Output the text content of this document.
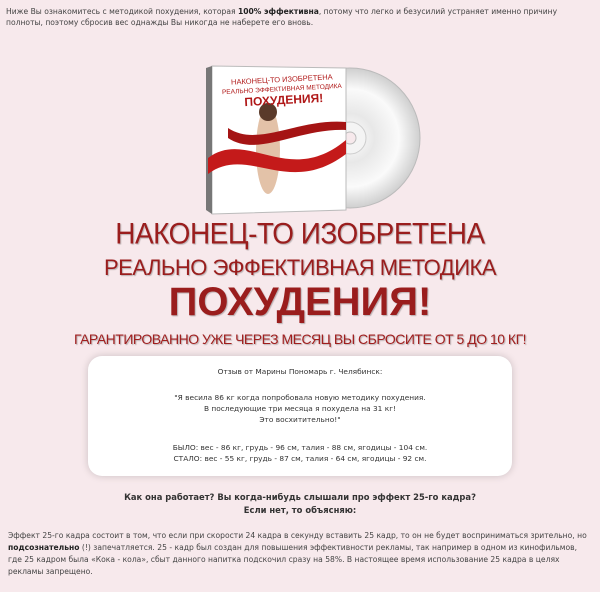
Ниже Вы ознакомитесь с методикой похудения, которая 100% эффективна, потому что легко и безусилий устраняет именно причину полноты, поэтому сбросив вес однажды Вы никогда не наберете его вновь.
НАКОНЕЦ-ТО ИЗОБРЕТЕНА
РЕАЛЬНО ЭФФЕКТИВНАЯ МЕТОДИКА
ПОХУДЕНИЯ!
НАКОНЕЦ-ТО ИЗОБРЕТЕНА
РЕАЛЬНО ЭФФЕКТИВНАЯ МЕТОДИКА
ПОХУДЕНИЯ!
ГАРАНТИРОВАННО УЖЕ ЧЕРЕЗ МЕСЯЦ ВЫ СБРОСИТЕ ОТ 5 ДО 10 КГ!
Отзыв от Марины Пономарь г. Челябинск:
"Я весила 86 кг когда попробовала новую методику похудения.
В последующие три месяца я похудела на 31 кг!
Это восхитительно!"
БЫЛО: вес - 86 кг, грудь - 96 см, талия - 88 см, ягодицы - 104 см.
СТАЛО: вес - 55 кг, грудь - 87 см, талия - 64 см, ягодицы - 92 см.
Как она работает? Вы когда-нибудь слышали про эффект 25-го кадра?
Если нет, то объясняю:
Эффект 25-го кадра состоит в том, что если при скорости 24 кадра в секунду вставить 25 кадр, то он не будет восприниматься зрительно, но подсознательно (!) запечатляется. 25 - кадр был создан для повышения эффективности рекламы, так например в одном из кинофильмов, где 25 кадром была «Кока - кола», сбыт данного напитка подскочил сразу на 58%. В настоящее время использование 25 кадра в целях рекламы запрещено.
